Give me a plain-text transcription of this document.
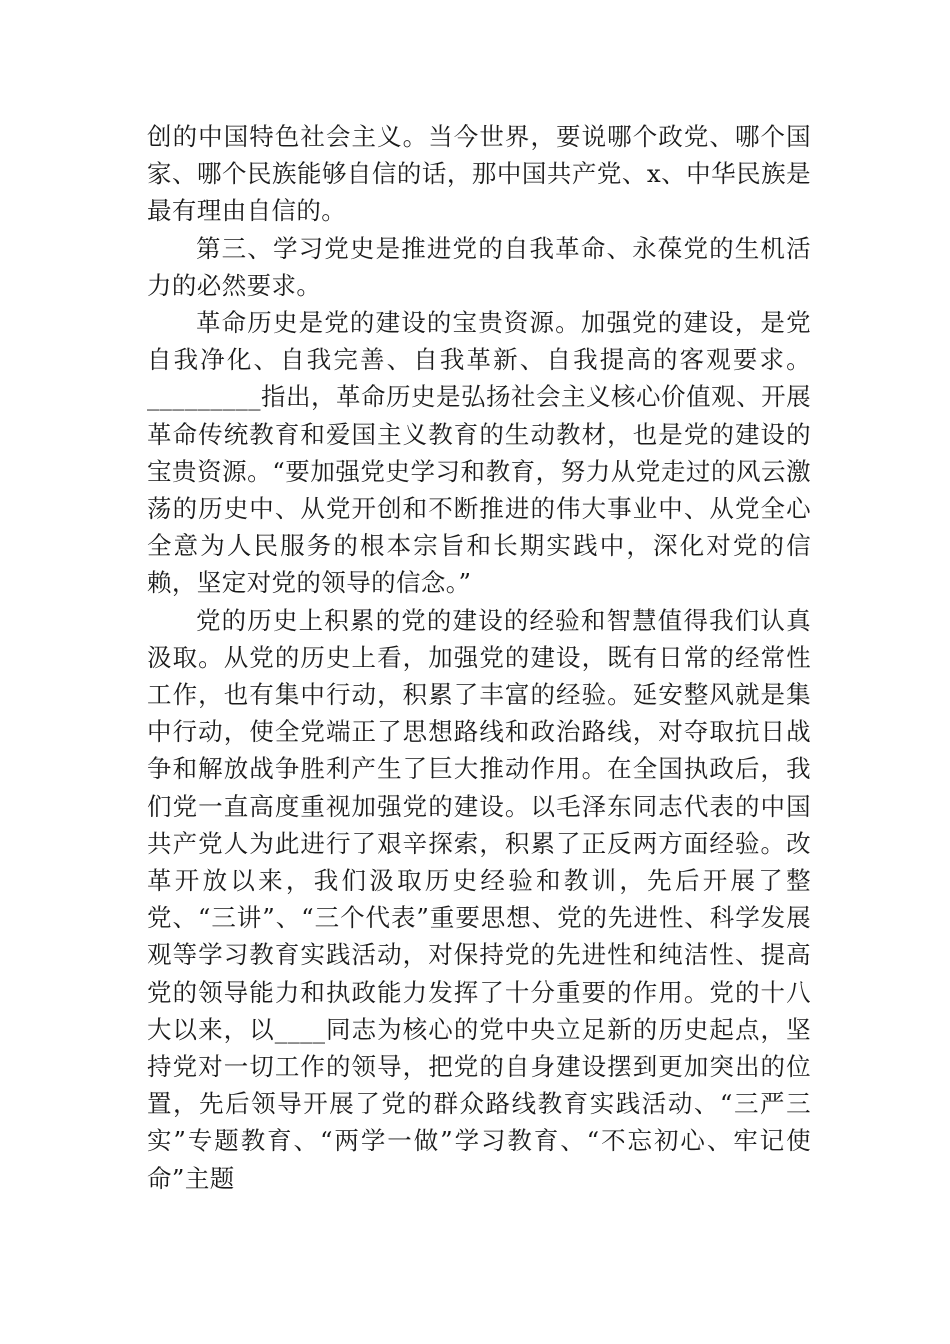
创的中国特色社会主义。当今世界，要说哪个政党、哪个国家、哪个民族能够自信的话，那中国共产党、x、中华民族是最有理由自信的。

第三、学习党史是推进党的自我革命、永葆党的生机活力的必然要求。

革命历史是党的建设的宝贵资源。加强党的建设，是党自我净化、自我完善、自我革新、自我提高的客观要求。_________指出，革命历史是弘扬社会主义核心价值观、开展革命传统教育和爱国主义教育的生动教材，也是党的建设的宝贵资源。“要加强党史学习和教育，努力从党走过的风云激荡的历史中、从党开创和不断推进的伟大事业中、从党全心全意为人民服务的根本宗旨和长期实践中，深化对党的信赖，坚定对党的领导的信念。”

党的历史上积累的党的建设的经验和智慧值得我们认真汲取。从党的历史上看，加强党的建设，既有日常的经常性工作，也有集中行动，积累了丰富的经验。延安整风就是集中行动，使全党端正了思想路线和政治路线，对夺取抗日战争和解放战争胜利产生了巨大推动作用。在全国执政后，我们党一直高度重视加强党的建设。以毛泽东同志代表的中国共产党人为此进行了艰辛探索，积累了正反两方面经验。改革开放以来，我们汲取历史经验和教训，先后开展了整党、“三讲”、“三个代表”重要思想、党的先进性、科学发展观等学习教育实践活动，对保持党的先进性和纯洁性、提高党的领导能力和执政能力发挥了十分重要的作用。党的十八大以来，以____同志为核心的党中央立足新的历史起点，坚持党对一切工作的领导，把党的自身建设摆到更加突出的位置，先后领导开展了党的群众路线教育实践活动、“三严三实”专题教育、“两学一做”学习教育、“不忘初心、牢记使命”主题
